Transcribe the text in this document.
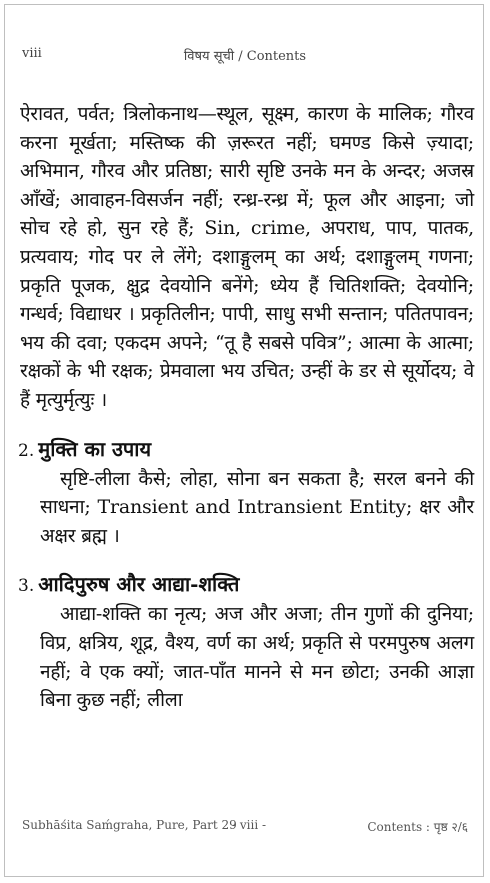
viii	विषय सूची / Contents

ऐरावत, पर्वत; त्रिलोकनाथ—स्थूल, सूक्ष्म, कारण के मालिक; गौरव करना मूर्खता; मस्तिष्क की ज़रूरत नहीं; घमण्ड किसे ज़्यादा; अभिमान, गौरव और प्रतिष्ठा; सारी सृष्टि उनके मन के अन्दर; अजस्र आँखें; आवाहन-विसर्जन नहीं; रन्ध्र-रन्ध्र में; फूल और आइना; जो सोच रहे हो, सुन रहे हैं; Sin, crime, अपराध, पाप, पातक, प्रत्यवाय; गोद पर ले लेंगे; दशाङ्गुलम् का अर्थ; दशाङ्गुलम् गणना; प्रकृति पूजक, क्षुद्र देवयोनि बनेंगे; ध्येय हैं चितिशक्ति; देवयोनि; गन्धर्व; विद्याधर । प्रकृतिलीन; पापी, साधु सभी सन्तान; पतितपावन; भय की दवा; एकदम अपने; “तू है सबसे पवित्र”; आत्मा के आत्मा; रक्षकों के भी रक्षक; प्रेमवाला भय उचित; उन्हीं के डर से सूर्योदय; वे हैं मृत्युर्मृत्युः ।

2. मुक्ति का उपाय

सृष्टि-लीला कैसे; लोहा, सोना बन सकता है; सरल बनने की साधना; Transient and Intransient Entity; क्षर और अक्षर ब्रह्म ।

3. आदिपुरुष और आद्या-शक्ति

आद्या-शक्ति का नृत्य; अज और अजा; तीन गुणों की दुनिया; विप्र, क्षत्रिय, शूद्र, वैश्य, वर्ण का अर्थ; प्रकृति से परमपुरुष अलग नहीं; वे एक क्यों; जात-पाँत मानने से मन छोटा; उनकी आज्ञा बिना कुछ नहीं; लीला

Subhāśita Saḿgraha, Pure, Part 29
- viii -	Contents : पृष्ठ २/६
